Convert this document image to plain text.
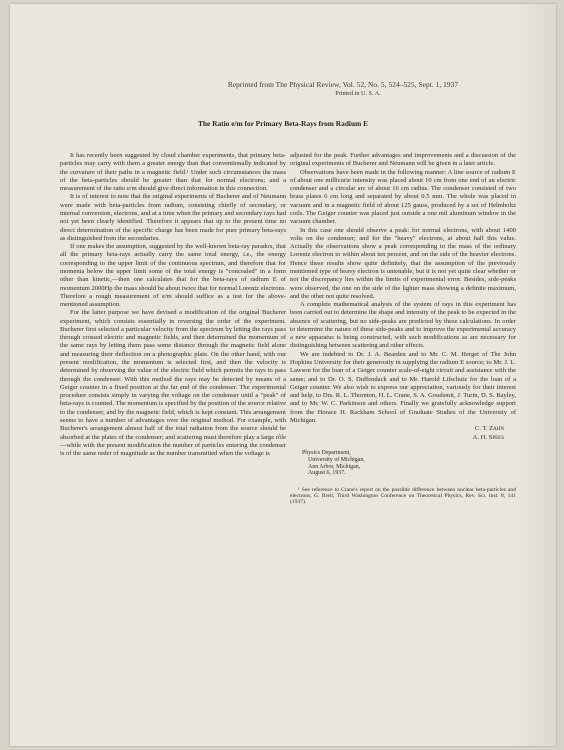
Reprinted from The Physical Review, Vol. 52, No. 5, 524–525, Sept. 1, 1937
Printed in U. S. A.
The Ratio e/m for Primary Beta-Rays from Radium E

It has recently been suggested by cloud chamber experiments, that primary beta-particles may carry with them a greater energy than that conventionally indicated by the curvature of their paths in a magnetic field.¹ Under such circumstances the mass of the beta-particles should be greater than that for normal electrons; and a measurement of the ratio e/m should give direct information in this connection.

It is of interest to note that the original experiments of Bucherer and of Neumann were made with beta-particles from radium, consisting chiefly of secondary, or internal conversion, electrons, and at a time when the primary and secondary rays had not yet been clearly identified. Therefore it appears that up to the present time no direct determination of the specific charge has been made for pure primary beta-rays as distinguished from the secondaries.

If one makes the assumption, suggested by the well-known beta-ray paradox, that all the primary beta-rays actually carry the same total energy, i.e., the energy corresponding to the upper limit of the continuous spectrum, and therefore that for momenta below the upper limit some of the total energy is "concealed" in a form other than kinetic,—then one calculates that for the beta-rays of radium E of momentum 2000Hρ the mass should be about twice that for normal Lorentz electrons. Therefore a rough measurement of e/m should suffice as a test for the above-mentioned assumption.

For the latter purpose we have devised a modification of the original Bucherer experiment, which consists essentially in reversing the order of the experiment. Bucherer first selected a particular velocity from the spectrum by letting the rays pass through crossed electric and magnetic fields, and then determined the momentum of the same rays by letting them pass some distance through the magnetic field alone and measuring their deflection on a photographic plate. On the other hand, with our present modification, the momentum is selected first, and then the velocity is determined by observing the value of the electric field which permits the rays to pass through the condenser. With this method the rays may be detected by means of a Geiger counter in a fixed position at the far end of the condenser. The experimental procedure consists simply in varying the voltage on the condenser until a "peak" of beta-rays is counted. The momentum is specified by the position of the source relative to the condenser, and by the magnetic field, which is kept constant. This arrangement seems to have a number of advantages over the original method. For example, with Bucherer's arrangement almost half of the total radiation from the source should be absorbed at the plates of the condenser; and scattering must therefore play a large rôle—while with the present modification the number of particles entering the condenser is of the same order of magnitude as the number transmitted when the voltage is

adjusted for the peak. Further advantages and improvements and a discussion of the original experiments of Bucherer and Neumann will be given in a later article.

Observations have been made in the following manner: A line source of radium E of about one millicurie intensity was placed about 10 cm from one end of an electric condenser and a circular arc of about 16 cm radius. The condenser consisted of two brass plates 6 cm long and separated by about 0.5 mm. The whole was placed in vacuum and in a magnetic field of about 125 gauss, produced by a set of Helmholtz coils. The Geiger counter was placed just outside a one mil aluminum window in the vacuum chamber.

In this case one should observe a peak: for normal electrons, with about 1400 volts on the condenser; and for the "heavy" electrons, at about half this value. Actually the observations show a peak corresponding to the mass of the ordinary Lorentz electron to within about ten percent, and on the side of the heavier electrons. Hence these results show quite definitely, that the assumption of the previously mentioned type of heavy electron is untenable, but it is not yet quite clear whether or not the discrepancy lies within the limits of experimental error. Besides, side-peaks were observed, the one on the side of the lighter mass showing a definite maximum, and the other not quite resolved.

A complete mathematical analysis of the system of rays in this experiment has been carried out to determine the shape and intensity of the peak to be expected in the absence of scattering, but no side-peaks are predicted by these calculations. In order to determine the nature of these side-peaks and to improve the experimental accuracy a new apparatus is being constructed, with such modifications as are necessary for distinguishing between scattering and other effects.

We are indebted to Dr. J. A. Bearden and to Mr. C. M. Herget of The John Hopkins University for their generosity in supplying the radium E source; to Mr. J. L. Lawson for the loan of a Geiger counter scale-of-eight circuit and assistance with the same; and to Dr. O. S. Duffendack and to Mr. Harold Lifschutz for the loan of a Geiger counter. We also wish to express our appreciation, variously for their interest and help, to Drs. R. L. Thornton, H. L. Crane, S. A. Goudsmit, J. Turin, D. S. Bayley, and to Mr. W. C. Parkinson and others. Finally we gratefully acknowledge support from the Horace H. Rackham School of Graduate Studies of the University of Michigan.

C. T. Zahn
A. H. Spees
Physics Department,
University of Michigan,
Ann Arbor, Michigan,
August 6, 1937.
¹ See reference to Crane's report on the possible difference between nuclear beta-particles and electrons, G. Breit, Third Washington Conference on Theoretical Physics, Rev. Sci. Inst. 8, 141 (1937).
